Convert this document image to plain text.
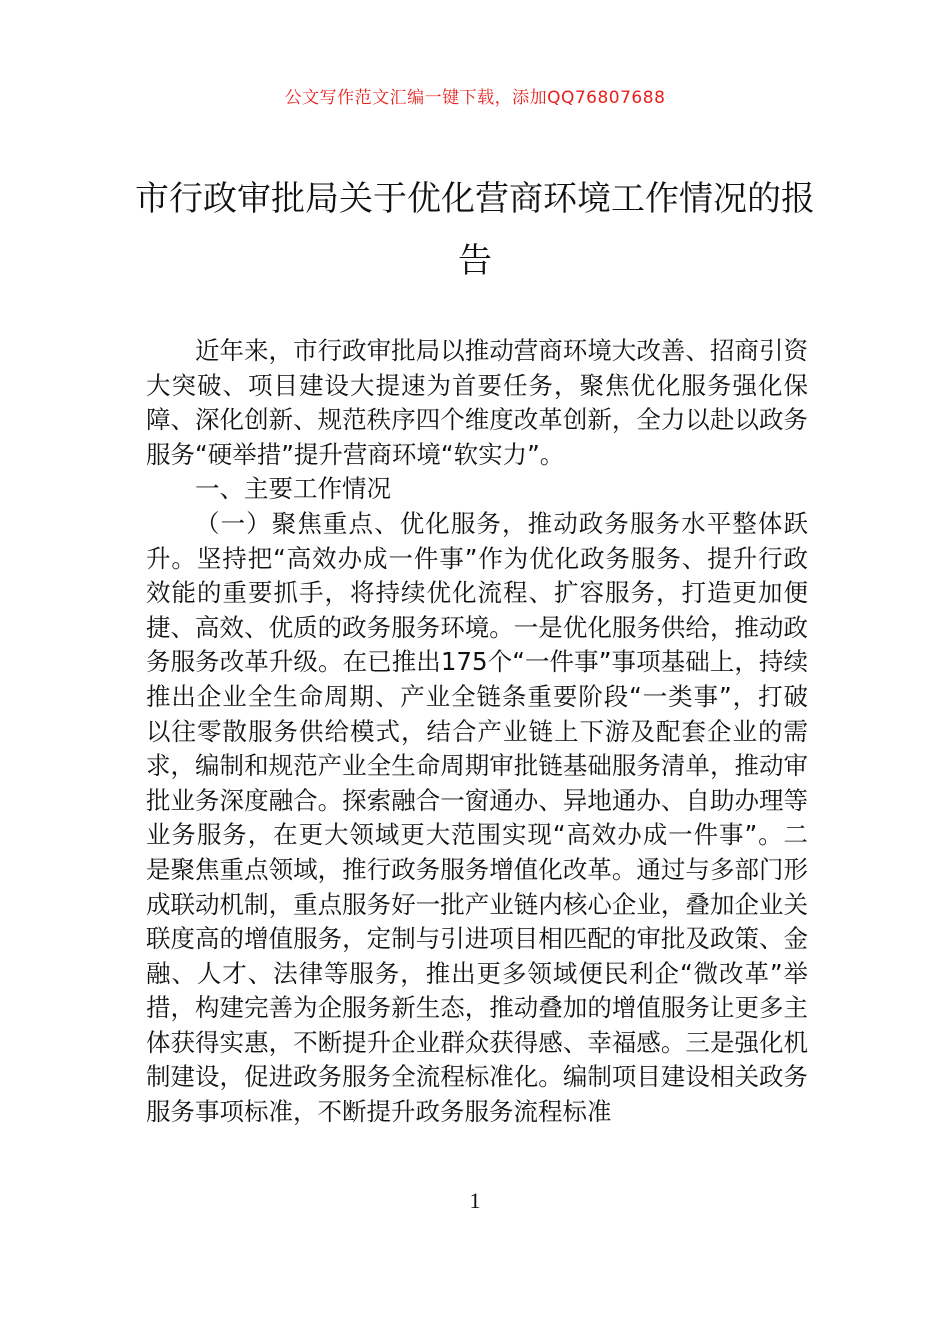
公文写作范文汇编一键下载，添加QQ76807688
市行政审批局关于优化营商环境工作情况的报告

近年来，市行政审批局以推动营商环境大改善、招商引资大突破、项目建设大提速为首要任务，聚焦优化服务强化保障、深化创新、规范秩序四个维度改革创新，全力以赴以政务服务“硬举措”提升营商环境“软实力”。

一、主要工作情况

（一）聚焦重点、优化服务，推动政务服务水平整体跃升。坚持把“高效办成一件事”作为优化政务服务、提升行政效能的重要抓手，将持续优化流程、扩容服务，打造更加便捷、高效、优质的政务服务环境。一是优化服务供给，推动政务服务改革升级。在已推出175个“一件事”事项基础上，持续推出企业全生命周期、产业全链条重要阶段“一类事”，打破以往零散服务供给模式，结合产业链上下游及配套企业的需求，编制和规范产业全生命周期审批链基础服务清单，推动审批业务深度融合。探索融合一窗通办、异地通办、自助办理等业务服务，在更大领域更大范围实现“高效办成一件事”。二是聚焦重点领域，推行政务服务增值化改革。通过与多部门形成联动机制，重点服务好一批产业链内核心企业，叠加企业关联度高的增值服务，定制与引进项目相匹配的审批及政策、金融、人才、法律等服务，推出更多领域便民利企“微改革”举措，构建完善为企服务新生态，推动叠加的增值服务让更多主体获得实惠，不断提升企业群众获得感、幸福感。三是强化机制建设，促进政务服务全流程标准化。编制项目建设相关政务服务事项标准，不断提升政务服务流程标准

1
